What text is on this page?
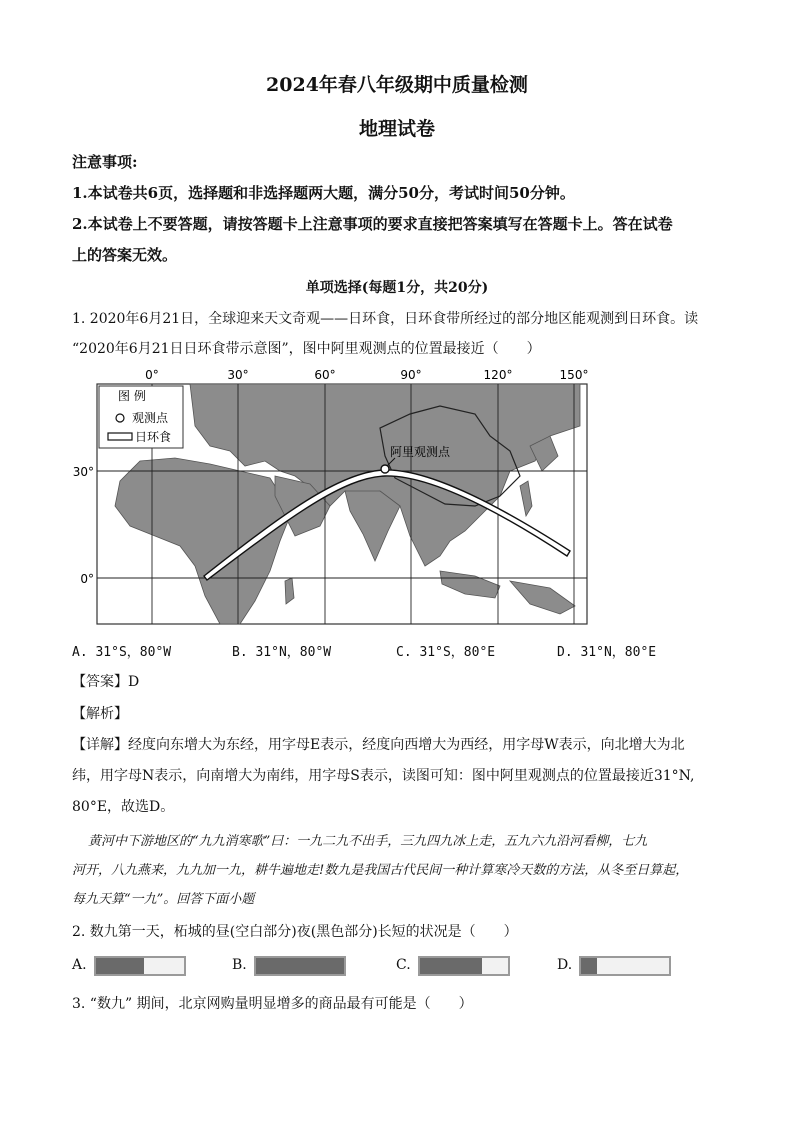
2024年春八年级期中质量检测
地理试卷
注意事项:
1.本试卷共6页，选择题和非选择题两大题，满分50分，考试时间50分钟。
2.本试卷上不要答题，请按答题卡上注意事项的要求直接把答案填写在答题卡上。答在试卷
上的答案无效。
单项选择(每题1分，共20分)
1. 2020年6月21日，全球迎来天文奇观——日环食，日环食带所经过的部分地区能观测到日环食。读
“2020年6月21日日环食带示意图”，图中阿里观测点的位置最接近（　　）
阿里观测点
0°	30°	60°	90°	120°	150°
30°
0°
图 例
观测点
日环食
A. 31°S，80°W	B. 31°N，80°W	C. 31°S，80°E	D. 31°N，80°E
【答案】D
【解析】
【详解】经度向东增大为东经，用字母E表示，经度向西增大为西经，用字母W表示，向北增大为北
纬，用字母N表示，向南增大为南纬，用字母S表示，读图可知：图中阿里观测点的位置最接近31°N,
80°E，故选D。
黄河中下游地区的“九九消寒歌”曰：一九二九不出手，三九四九冰上走，五九六九沿河看柳，七九
河开，八九燕来，九九加一九，耕牛遍地走!数九是我国古代民间一种计算寒冷天数的方法，从冬至日算起，
每九天算“一九”。回答下面小题
2. 数九第一天，柘城的昼(空白部分)夜(黑色部分)长短的状况是（　　）
A.	B.	C.	D.
3. “数九” 期间，北京网购量明显增多的商品最有可能是（　　）
